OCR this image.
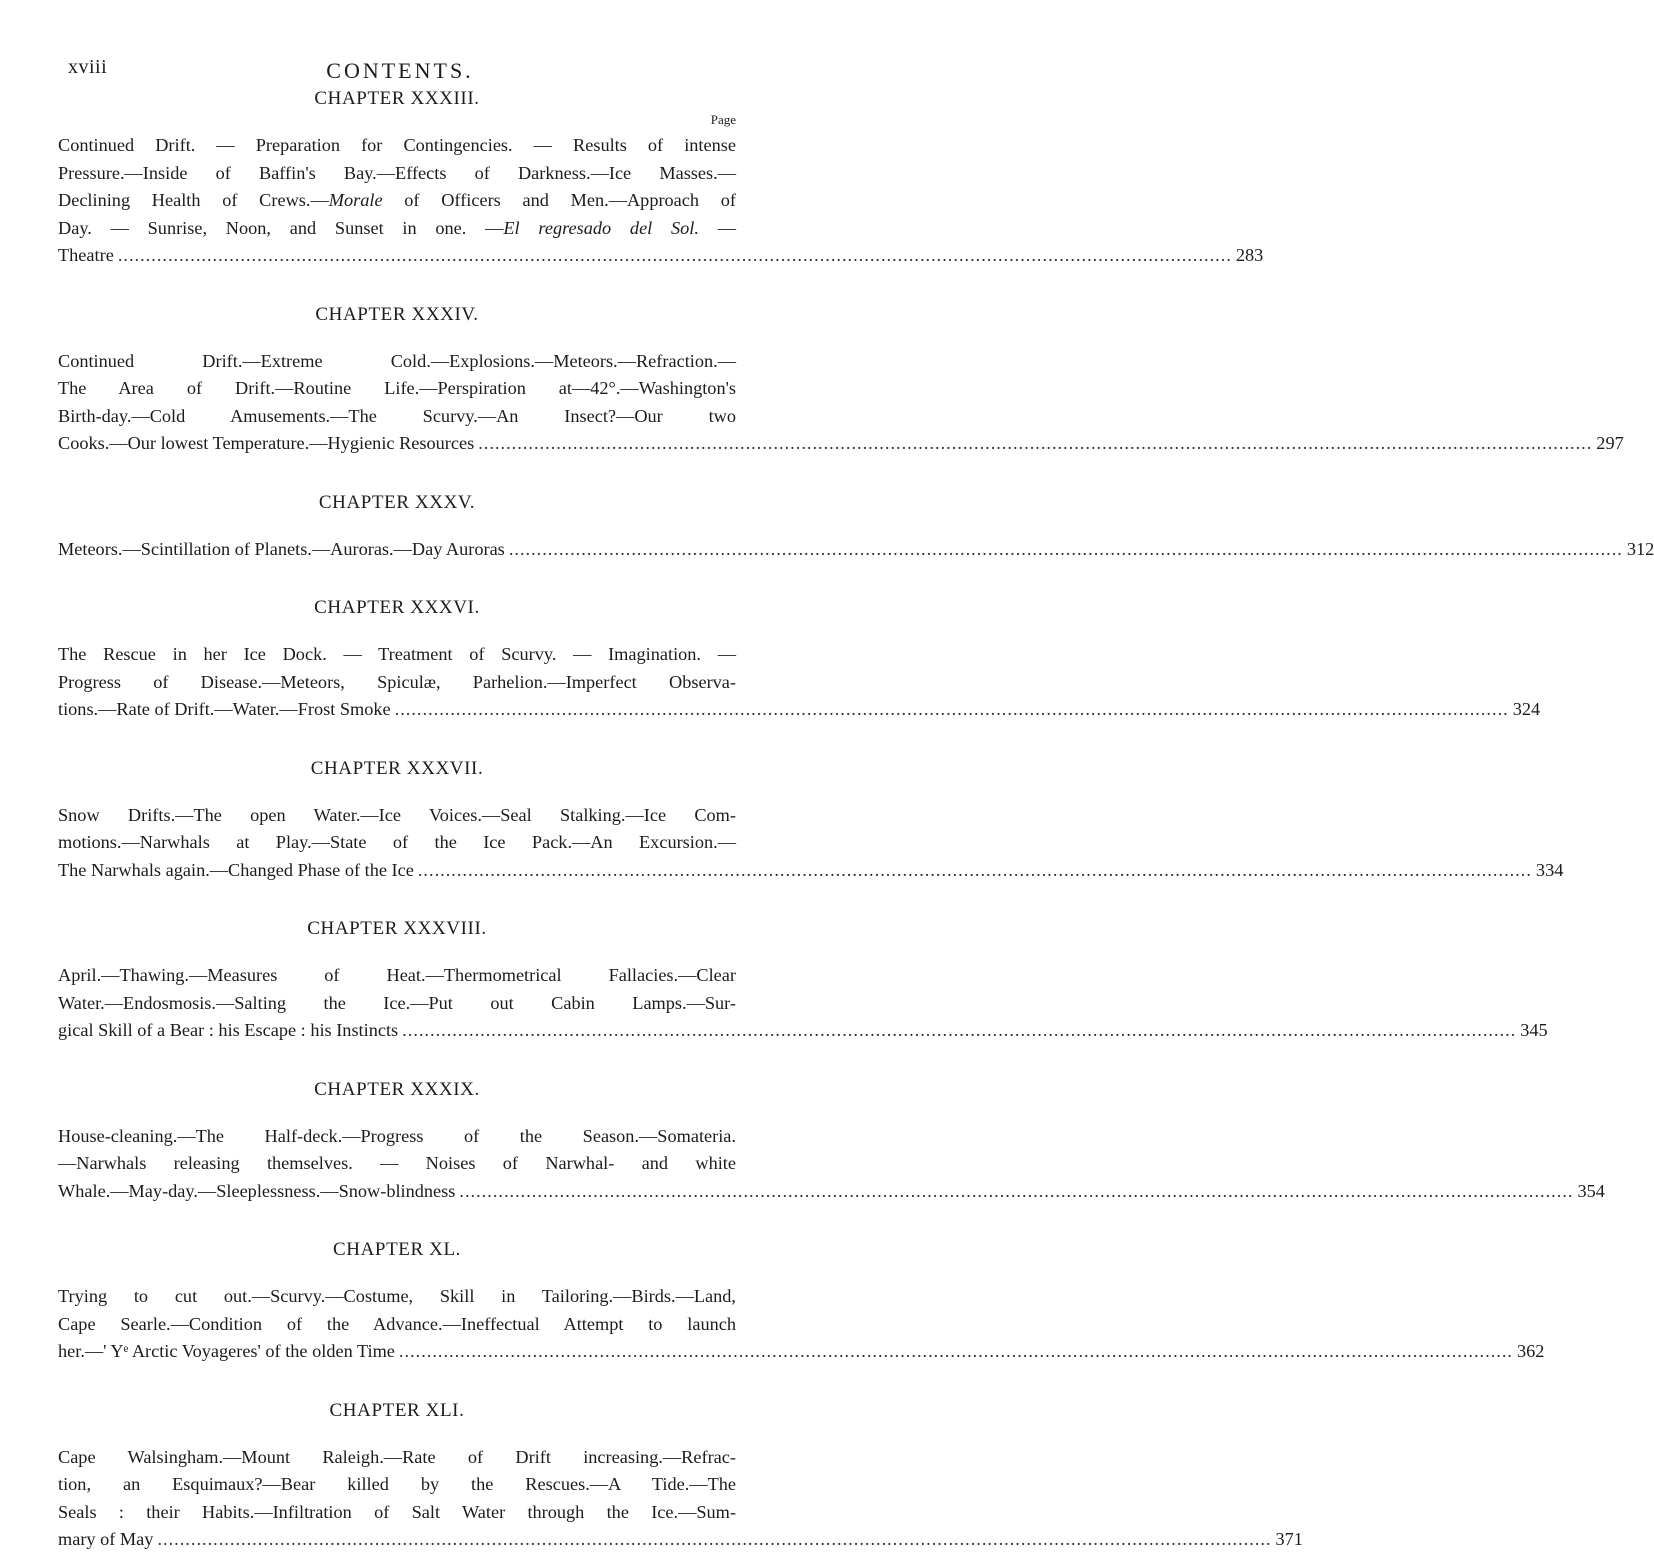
xviii	CONTENTS.
CHAPTER XXXIII.
Page
Continued Drift. — Preparation for Contingencies. — Results of intense
Pressure.—Inside of Baffin's Bay.—Effects of Darkness.—Ice Masses.—
Declining Health of Crews.—Morale of Officers and Men.—Approach of
Day. — Sunrise, Noon, and Sunset in one. —El regresado del Sol. —
Theatre ........................................................................................................................................................................................................ 283
CHAPTER XXXIV.
Continued Drift.—Extreme Cold.—Explosions.—Meteors.—Refraction.—
The Area of Drift.—Routine Life.—Perspiration at—42°.—Washington's
Birth-day.—Cold Amusements.—The Scurvy.—An Insect?—Our two
Cooks.—Our lowest Temperature.—Hygienic Resources ........................................................................................................................................................................................................ 297
CHAPTER XXXV.
Meteors.—Scintillation of Planets.—Auroras.—Day Auroras ........................................................................................................................................................................................................ 312
CHAPTER XXXVI.
The Rescue in her Ice Dock. — Treatment of Scurvy. — Imagination. —
Progress of Disease.—Meteors, Spiculæ, Parhelion.—Imperfect Observa-
tions.—Rate of Drift.—Water.—Frost Smoke ........................................................................................................................................................................................................ 324
CHAPTER XXXVII.
Snow Drifts.—The open Water.—Ice Voices.—Seal Stalking.—Ice Com-
motions.—Narwhals at Play.—State of the Ice Pack.—An Excursion.—
The Narwhals again.—Changed Phase of the Ice ........................................................................................................................................................................................................ 334
CHAPTER XXXVIII.
April.—Thawing.—Measures of Heat.—Thermometrical Fallacies.—Clear
Water.—Endosmosis.—Salting the Ice.—Put out Cabin Lamps.—Sur-
gical Skill of a Bear : his Escape : his Instincts ........................................................................................................................................................................................................ 345
CHAPTER XXXIX.
House-cleaning.—The Half-deck.—Progress of the Season.—Somateria.
—Narwhals releasing themselves. — Noises of Narwhal- and white
Whale.—May-day.—Sleeplessness.—Snow-blindness ........................................................................................................................................................................................................ 354
CHAPTER XL.
Trying to cut out.—Scurvy.—Costume, Skill in Tailoring.—Birds.—Land,
Cape Searle.—Condition of the Advance.—Ineffectual Attempt to launch
her.—' Yᵉ Arctic Voyageres' of the olden Time ........................................................................................................................................................................................................ 362
CHAPTER XLI.
Cape Walsingham.—Mount Raleigh.—Rate of Drift increasing.—Refrac-
tion, an Esquimaux?—Bear killed by the Rescues.—A Tide.—The
Seals : their Habits.—Infiltration of Salt Water through the Ice.—Sum-
mary of May ........................................................................................................................................................................................................ 371
